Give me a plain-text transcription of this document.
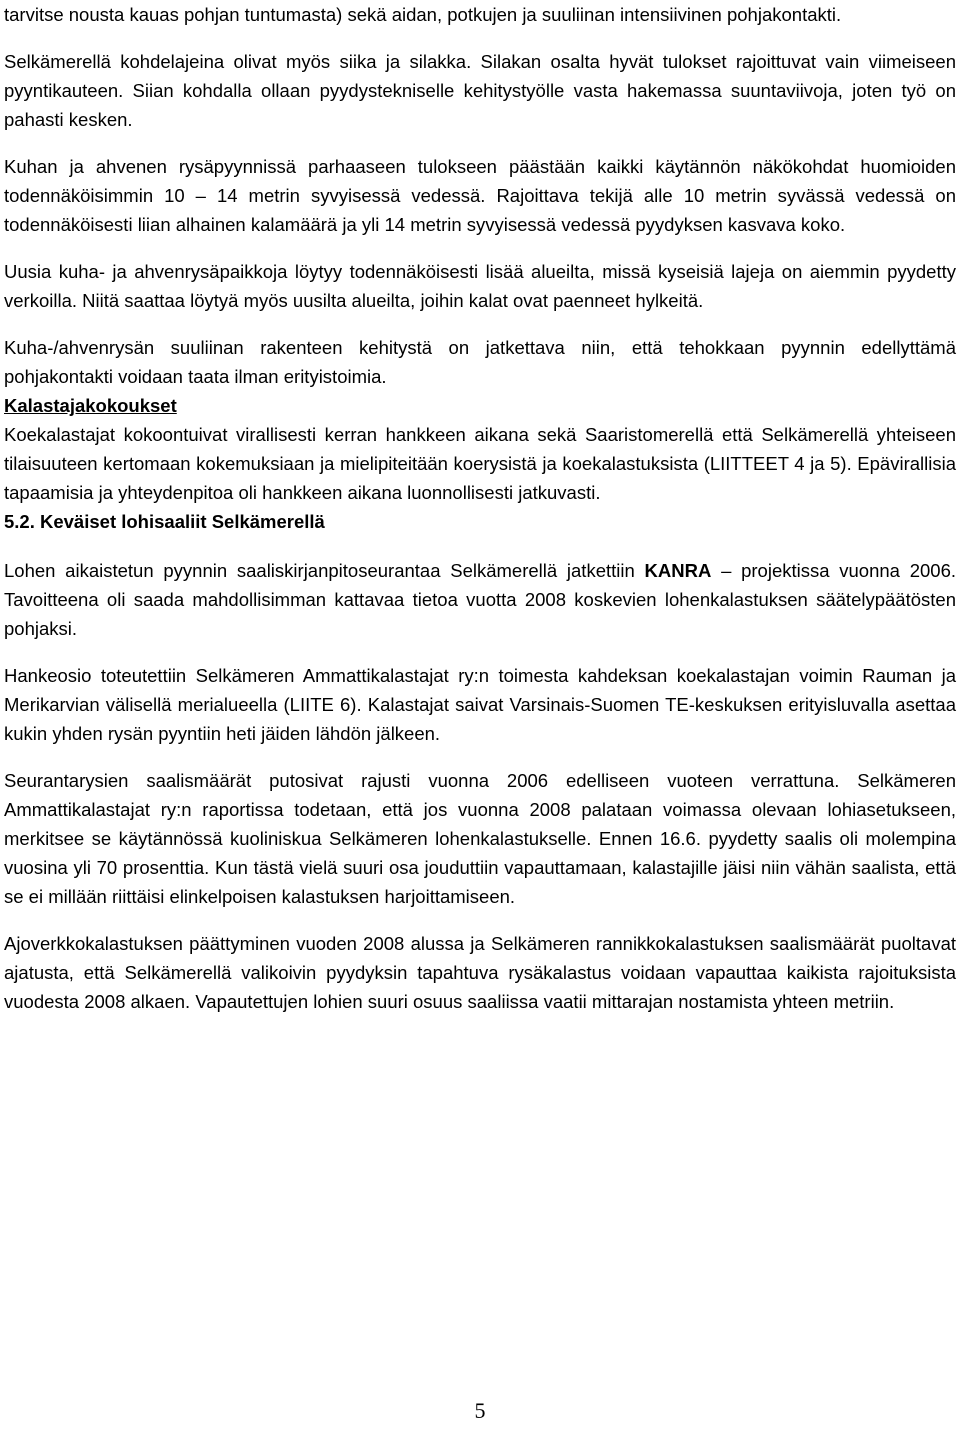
tarvitse nousta kauas pohjan tuntumasta) sekä aidan, potkujen ja suuliinan intensiivinen pohjakontakti.

Selkämerellä kohdelajeina olivat myös siika ja silakka. Silakan osalta hyvät tulokset rajoittuvat vain viimeiseen pyyntikauteen. Siian kohdalla ollaan pyydystekniselle kehitystyölle vasta hakemassa suuntaviivoja, joten työ on pahasti kesken.

Kuhan ja ahvenen rysäpyynnissä parhaaseen tulokseen päästään kaikki käytännön näkökohdat huomioiden todennäköisimmin 10 – 14 metrin syvyisessä vedessä. Rajoittava tekijä alle 10 metrin syvässä vedessä on todennäköisesti liian alhainen kalamäärä ja yli 14 metrin syvyisessä vedessä pyydyksen kasvava koko.

Uusia kuha- ja ahvenrysäpaikkoja löytyy todennäköisesti lisää alueilta, missä kyseisiä lajeja on aiemmin pyydetty verkoilla. Niitä saattaa löytyä myös uusilta alueilta, joihin kalat ovat paenneet hylkeitä.

Kuha-/ahvenrysän suuliinan rakenteen kehitystä on jatkettava niin, että tehokkaan pyynnin edellyttämä pohjakontakti voidaan taata ilman erityistoimia.

Kalastajakokoukset

Koekalastajat kokoontuivat virallisesti kerran hankkeen aikana sekä Saaristomerellä että Selkämerellä yhteiseen tilaisuuteen kertomaan kokemuksiaan ja mielipiteitään koerysistä ja koekalastuksista (LIITTEET 4 ja 5). Epävirallisia tapaamisia ja yhteydenpitoa oli hankkeen aikana luonnollisesti jatkuvasti.

5.2. Keväiset lohisaaliit Selkämerellä

Lohen aikaistetun pyynnin saaliskirjanpitoseurantaa Selkämerellä jatkettiin KANRA – projektissa vuonna 2006. Tavoitteena oli saada mahdollisimman kattavaa tietoa vuotta 2008 koskevien lohenkalastuksen säätelypäätösten pohjaksi.

Hankeosio toteutettiin Selkämeren Ammattikalastajat ry:n toimesta kahdeksan koekalastajan voimin Rauman ja Merikarvian välisellä merialueella (LIITE 6). Kalastajat saivat Varsinais-Suomen TE-keskuksen erityisluvalla asettaa kukin yhden rysän pyyntiin heti jäiden lähdön jälkeen.

Seurantarysien saalismäärät putosivat rajusti vuonna 2006 edelliseen vuoteen verrattuna. Selkämeren Ammattikalastajat ry:n raportissa todetaan, että jos vuonna 2008 palataan voimassa olevaan lohiasetukseen, merkitsee se käytännössä kuoliniskua Selkämeren lohenkalastukselle. Ennen 16.6. pyydetty saalis oli molempina vuosina yli 70 prosenttia. Kun tästä vielä suuri osa jouduttiin vapauttamaan, kalastajille jäisi niin vähän saalista, että se ei millään riittäisi elinkelpoisen kalastuksen harjoittamiseen.

Ajoverkkokalastuksen päättyminen vuoden 2008 alussa ja Selkämeren rannikkokalastuksen saalismäärät puoltavat ajatusta, että Selkämerellä valikoivin pyydyksin tapahtuva rysäkalastus voidaan vapauttaa kaikista rajoituksista vuodesta 2008 alkaen. Vapautettujen lohien suuri osuus saaliissa vaatii mittarajan nostamista yhteen metriin.

5
